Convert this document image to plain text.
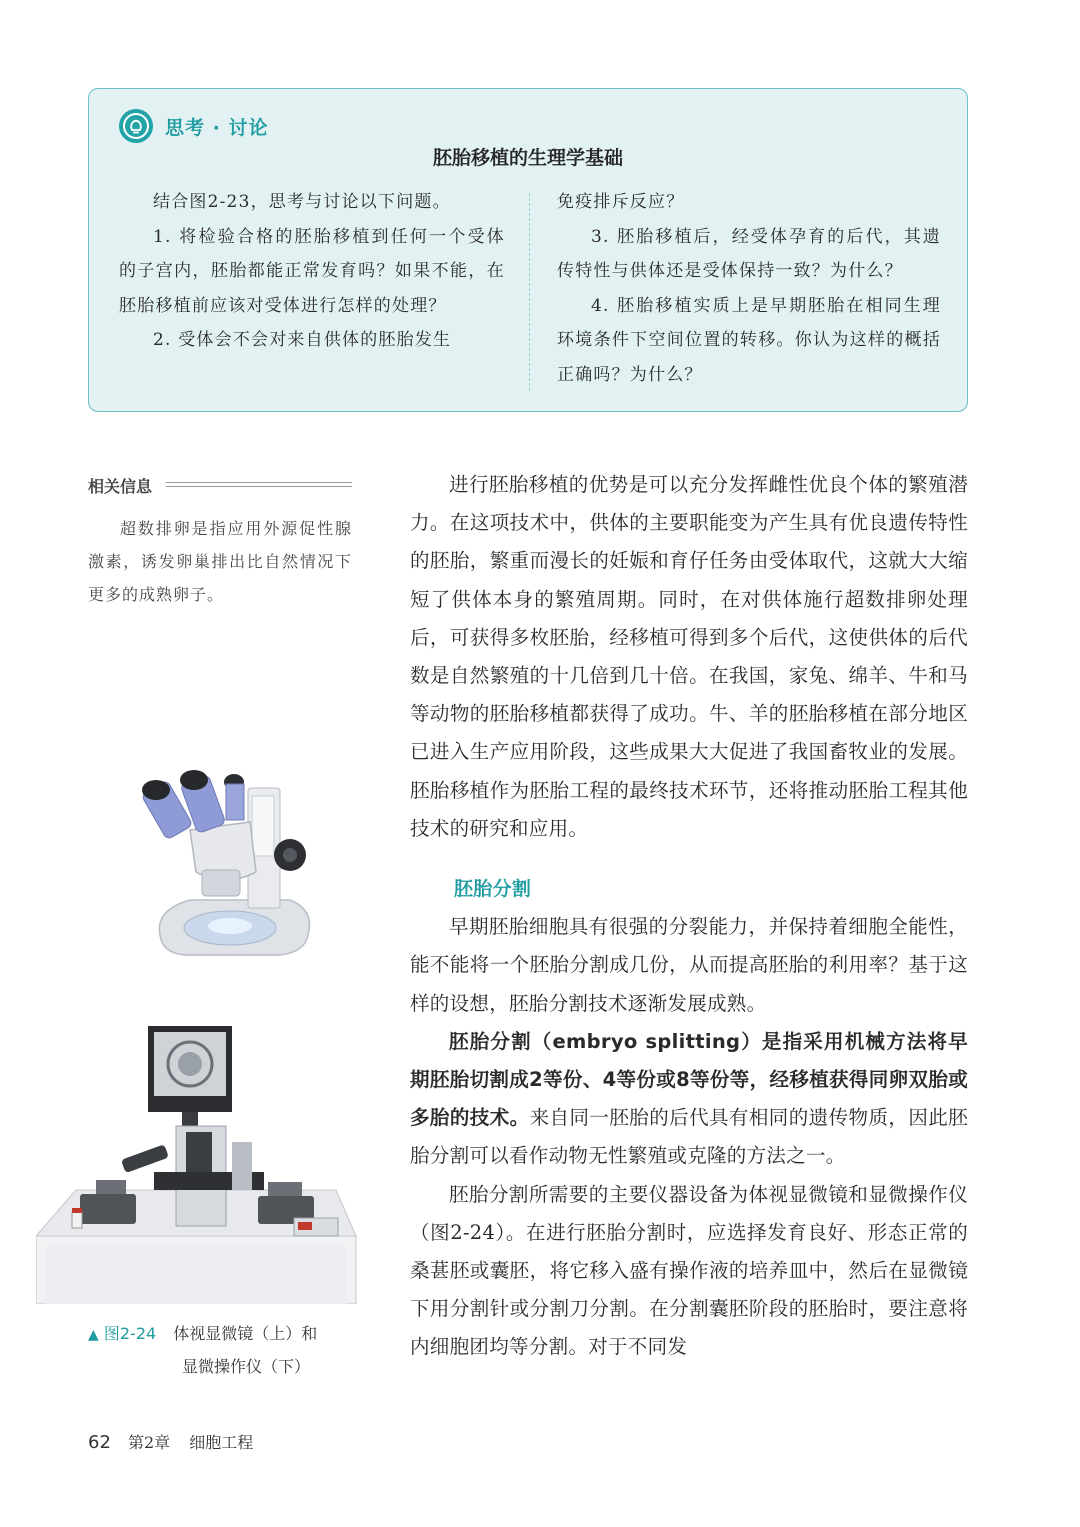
思考 · 讨论
胚胎移植的生理学基础

结合图2-23，思考与讨论以下问题。

1. 将检验合格的胚胎移植到任何一个受体的子宫内，胚胎都能正常发育吗？如果不能，在胚胎移植前应该对受体进行怎样的处理？

2. 受体会不会对来自供体的胚胎发生

免疫排斥反应？

3. 胚胎移植后，经受体孕育的后代，其遗传特性与供体还是受体保持一致？为什么？

4. 胚胎移植实质上是早期胚胎在相同生理环境条件下空间位置的转移。你认为这样的概括正确吗？为什么？

相关信息

超数排卵是指应用外源促性腺激素，诱发卵巢排出比自然情况下更多的成熟卵子。

进行胚胎移植的优势是可以充分发挥雌性优良个体的繁殖潜力。在这项技术中，供体的主要职能变为产生具有优良遗传特性的胚胎，繁重而漫长的妊娠和育仔任务由受体取代，这就大大缩短了供体本身的繁殖周期。同时，在对供体施行超数排卵处理后，可获得多枚胚胎，经移植可得到多个后代，这使供体的后代数是自然繁殖的十几倍到几十倍。在我国，家兔、绵羊、牛和马等动物的胚胎移植都获得了成功。牛、羊的胚胎移植在部分地区已进入生产应用阶段，这些成果大大促进了我国畜牧业的发展。胚胎移植作为胚胎工程的最终技术环节，还将推动胚胎工程其他技术的研究和应用。

胚胎分割

早期胚胎细胞具有很强的分裂能力，并保持着细胞全能性，能不能将一个胚胎分割成几份，从而提高胚胎的利用率？基于这样的设想，胚胎分割技术逐渐发展成熟。

胚胎分割（embryo splitting）是指采用机械方法将早期胚胎切割成2等份、4等份或8等份等，经移植获得同卵双胎或多胎的技术。来自同一胚胎的后代具有相同的遗传物质，因此胚胎分割可以看作动物无性繁殖或克隆的方法之一。

胚胎分割所需要的主要仪器设备为体视显微镜和显微操作仪（图2-24）。在进行胚胎分割时，应选择发育良好、形态正常的桑葚胚或囊胚，将它移入盛有操作液的培养皿中，然后在显微镜下用分割针或分割刀分割。在分割囊胚阶段的胚胎时，要注意将内细胞团均等分割。对于不同发

▲ 图2-24 体视显微镜（上）和
显微操作仪（下）
62 第2章 细胞工程
